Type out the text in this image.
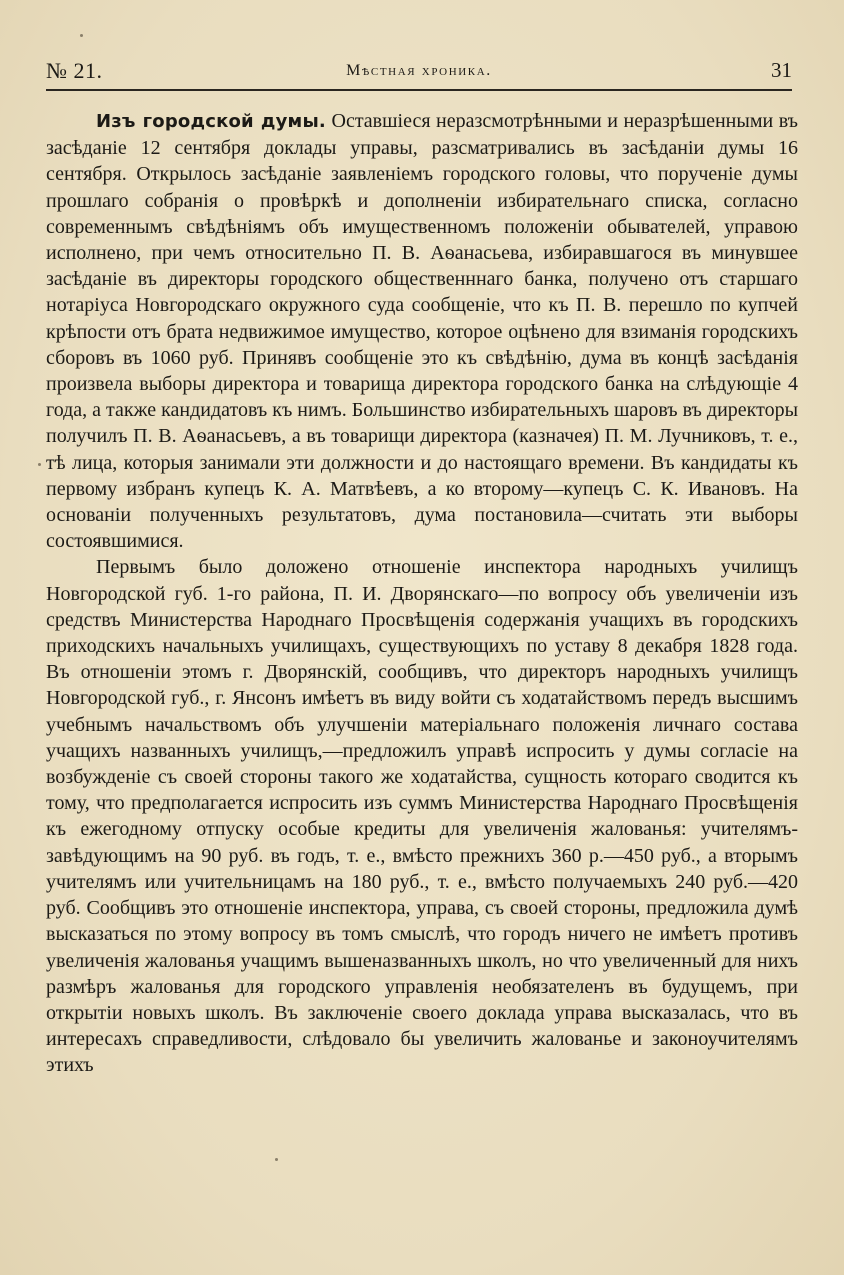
№ 21.	Мѣстная хроника.	31

Изъ городской думы. Оставшіеся неразсмотрѣнными и неразрѣшенными въ засѣданіе 12 сентября доклады управы, разсматривались въ засѣданіи думы 16 сентября. Открылось засѣданіе заявленіемъ городского головы, что порученіе думы прошлаго собранія о провѣркѣ и дополненіи избирательнаго списка, согласно современнымъ свѣдѣніямъ объ имущественномъ положеніи обывателей, управою исполнено, при чемъ относительно П. В. Аѳанасьева, избиравшагося въ минувшее засѣданіе въ директоры городского общественннаго банка, получено отъ старшаго нотаріуса Новгородскаго окружного суда сообщеніе, что къ П. В. перешло по купчей крѣпости отъ брата недвижимое имущество, которое оцѣнено для взиманія городскихъ сборовъ въ 1060 руб. Принявъ сообщеніе это къ свѣдѣнію, дума въ концѣ засѣданія произвела выборы директора и товарища директора городского банка на слѣдующіе 4 года, а также кандидатовъ къ нимъ. Большинство избирательныхъ шаровъ въ директоры получилъ П. В. Аѳанасьевъ, а въ товарищи директора (казначея) П. М. Лучниковъ, т. е., тѣ лица, которыя занимали эти должности и до настоящаго времени. Въ кандидаты къ первому избранъ купецъ К. А. Матвѣевъ, а ко второму—купецъ С. К. Ивановъ. На основаніи полученныхъ результатовъ, дума постановила—считать эти выборы состоявшимися.

Первымъ было доложено отношеніе инспектора народныхъ училищъ Новгородской губ. 1-го района, П. И. Дворянскаго—по вопросу объ увеличеніи изъ средствъ Министерства Народнаго Просвѣщенія содержанія учащихъ въ городскихъ приходскихъ начальныхъ училищахъ, существующихъ по уставу 8 декабря 1828 года. Въ отношеніи этомъ г. Дворянскій, сообщивъ, что директоръ народныхъ училищъ Новгородской губ., г. Янсонъ имѣетъ въ виду войти съ ходатайствомъ передъ высшимъ учебнымъ начальствомъ объ улучшеніи матеріальнаго положенія личнаго состава учащихъ названныхъ училищъ,—предложилъ управѣ испросить у думы согласіе на возбужденіе съ своей стороны такого же ходатайства, сущность котораго сводится къ тому, что предполагается испросить изъ суммъ Министерства Народнаго Просвѣщенія къ ежегодному отпуску особые кредиты для увеличенія жалованья: учителямъ-завѣдующимъ на 90 руб. въ годъ, т. е., вмѣсто прежнихъ 360 р.—450 руб., а вторымъ учителямъ или учительницамъ на 180 руб., т. е., вмѣсто получаемыхъ 240 руб.—420 руб. Сообщивъ это отношеніе инспектора, управа, съ своей стороны, предложила думѣ высказаться по этому вопросу въ томъ смыслѣ, что городъ ничего не имѣетъ противъ увеличенія жалованья учащимъ вышеназванныхъ школъ, но что увеличенный для нихъ размѣръ жалованья для городского управленія необязателенъ въ будущемъ, при открытіи новыхъ школъ. Въ заключеніе своего доклада управа высказалась, что въ интересахъ справедливости, слѣдовало бы увеличить жалованье и законоучителямъ этихъ
